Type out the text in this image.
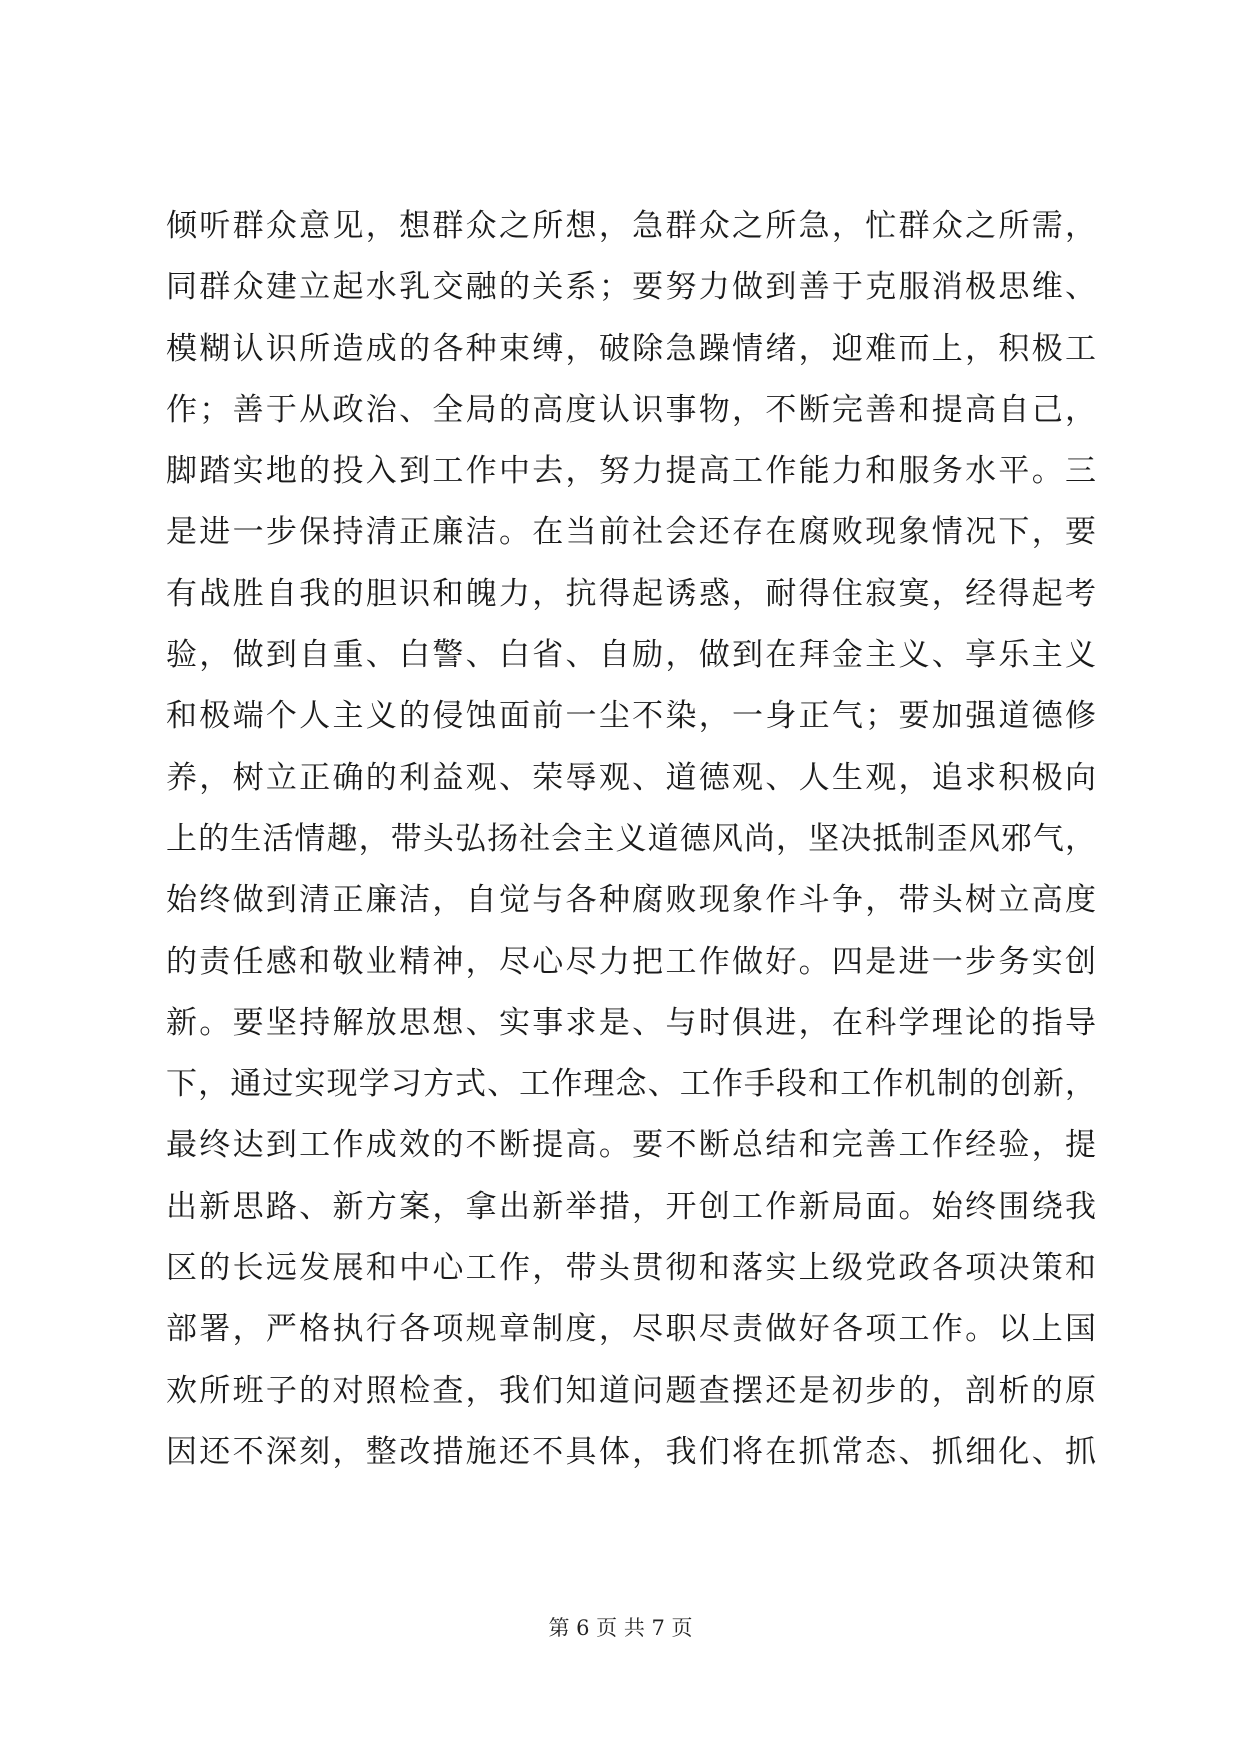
倾听群众意见，想群众之所想，急群众之所急，忙群众之所需，
同群众建立起水乳交融的关系；要努力做到善于克服消极思维、
模糊认识所造成的各种束缚，破除急躁情绪，迎难而上，积极工
作；善于从政治、全局的高度认识事物，不断完善和提高自己，
脚踏实地的投入到工作中去，努力提高工作能力和服务水平。三
是进一步保持清正廉洁。在当前社会还存在腐败现象情况下，要
有战胜自我的胆识和魄力，抗得起诱惑，耐得住寂寞，经得起考
验，做到自重、白警、白省、自励，做到在拜金主义、享乐主义
和极端个人主义的侵蚀面前一尘不染，一身正气；要加强道德修
养，树立正确的利益观、荣辱观、道德观、人生观，追求积极向
上的生活情趣，带头弘扬社会主义道德风尚，坚决抵制歪风邪气，
始终做到清正廉洁，自觉与各种腐败现象作斗争，带头树立高度
的责任感和敬业精神，尽心尽力把工作做好。四是进一步务实创
新。要坚持解放思想、实事求是、与时俱进，在科学理论的指导
下，通过实现学习方式、工作理念、工作手段和工作机制的创新，
最终达到工作成效的不断提高。要不断总结和完善工作经验，提
出新思路、新方案，拿出新举措，开创工作新局面。始终围绕我
区的长远发展和中心工作，带头贯彻和落实上级党政各项决策和
部署，严格执行各项规章制度，尽职尽责做好各项工作。以上国
欢所班子的对照检查，我们知道问题查摆还是初步的，剖析的原
因还不深刻，整改措施还不具体，我们将在抓常态、抓细化、抓
第 6 页 共 7 页
